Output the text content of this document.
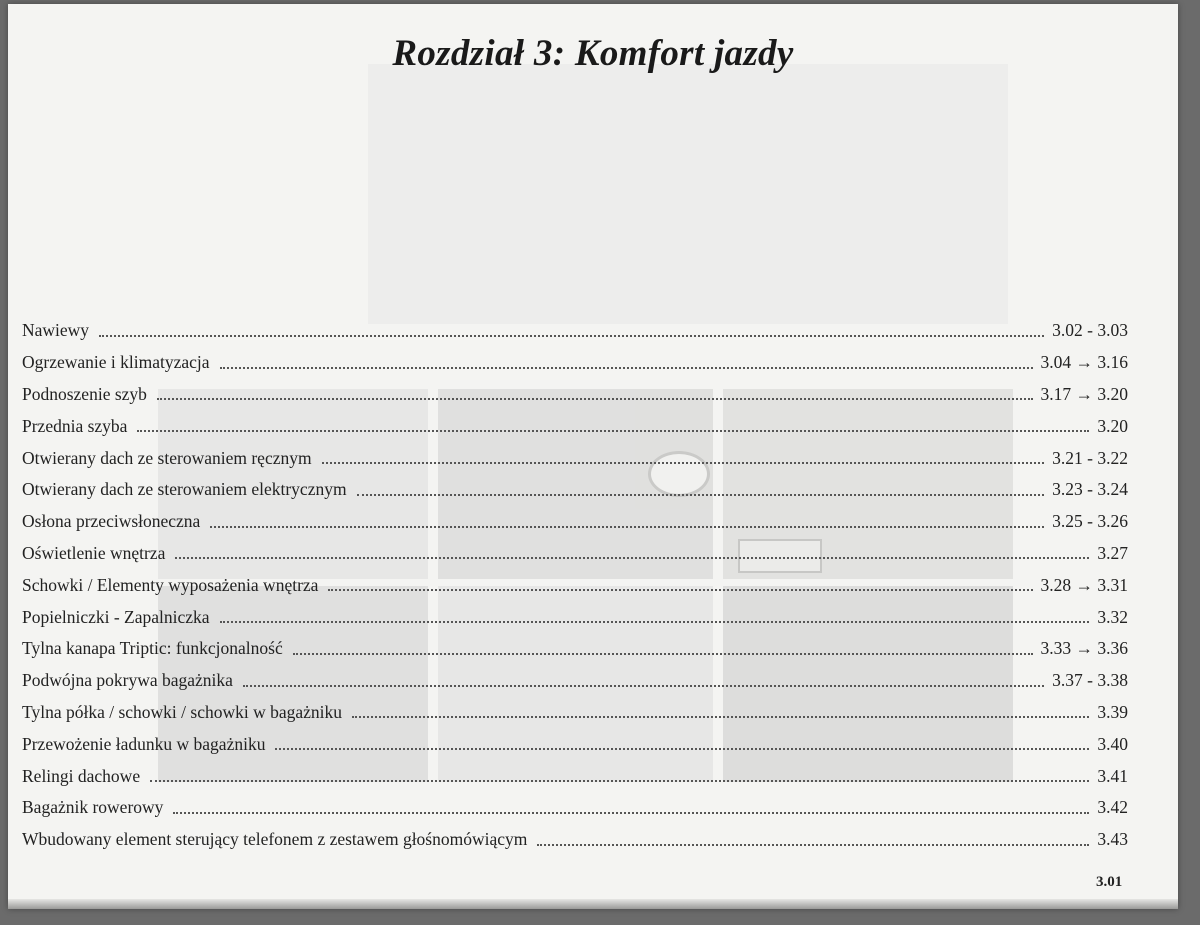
Rozdział 3: Komfort jazdy
Nawiewy	3.02 - 3.03
Ogrzewanie i klimatyzacja	3.04 → 3.16
Podnoszenie szyb	3.17 → 3.20
Przednia szyba	3.20
Otwierany dach ze sterowaniem ręcznym	3.21 - 3.22
Otwierany dach ze sterowaniem elektrycznym	3.23 - 3.24
Osłona przeciwsłoneczna	3.25 - 3.26
Oświetlenie wnętrza	3.27
Schowki / Elementy wyposażenia wnętrza	3.28 → 3.31
Popielniczki - Zapalniczka	3.32
Tylna kanapa Triptic: funkcjonalność	3.33 → 3.36
Podwójna pokrywa bagażnika	3.37 - 3.38
Tylna półka / schowki / schowki w bagażniku	3.39
Przewożenie ładunku w bagażniku	3.40
Relingi dachowe	3.41
Bagażnik rowerowy	3.42
Wbudowany element sterujący telefonem z zestawem głośnomówiącym	3.43
3.01
